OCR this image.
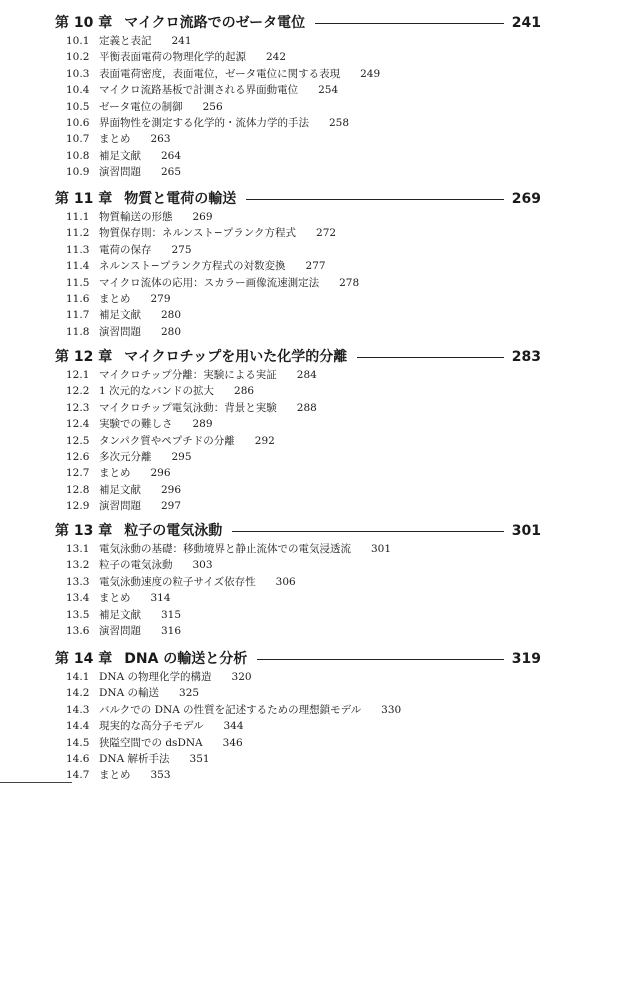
第 10 章 マイクロ流路でのゼータ電位	241
10.1 定義と表記 241
10.2 平衡表面電荷の物理化学的起源 242
10.3 表面電荷密度，表面電位，ゼータ電位に関する表現 249
10.4 マイクロ流路基板で計測される界面動電位 254
10.5 ゼータ電位の制御 256
10.6 界面物性を測定する化学的・流体力学的手法 258
10.7 まとめ 263
10.8 補足文献 264
10.9 演習問題 265
第 11 章 物質と電荷の輸送	269
11.1 物質輸送の形態 269
11.2 物質保存則：ネルンスト−プランク方程式 272
11.3 電荷の保存 275
11.4 ネルンスト−プランク方程式の対数変換 277
11.5 マイクロ流体の応用：スカラー画像流速測定法 278
11.6 まとめ 279
11.7 補足文献 280
11.8 演習問題 280
第 12 章 マイクロチップを用いた化学的分離	283
12.1 マイクロチップ分離：実験による実証 284
12.2 1 次元的なバンドの拡大 286
12.3 マイクロチップ電気泳動：背景と実験 288
12.4 実験での難しさ 289
12.5 タンパク質やペプチドの分離 292
12.6 多次元分離 295
12.7 まとめ 296
12.8 補足文献 296
12.9 演習問題 297
第 13 章 粒子の電気泳動	301
13.1 電気泳動の基礎：移動境界と静止流体での電気浸透流 301
13.2 粒子の電気泳動 303
13.3 電気泳動速度の粒子サイズ依存性 306
13.4 まとめ 314
13.5 補足文献 315
13.6 演習問題 316
第 14 章 DNA の輸送と分析	319
14.1 DNA の物理化学的構造 320
14.2 DNA の輸送 325
14.3 バルクでの DNA の性質を記述するための理想鎖モデル 330
14.4 現実的な高分子モデル 344
14.5 狭隘空間での dsDNA 346
14.6 DNA 解析手法 351
14.7 まとめ 353
